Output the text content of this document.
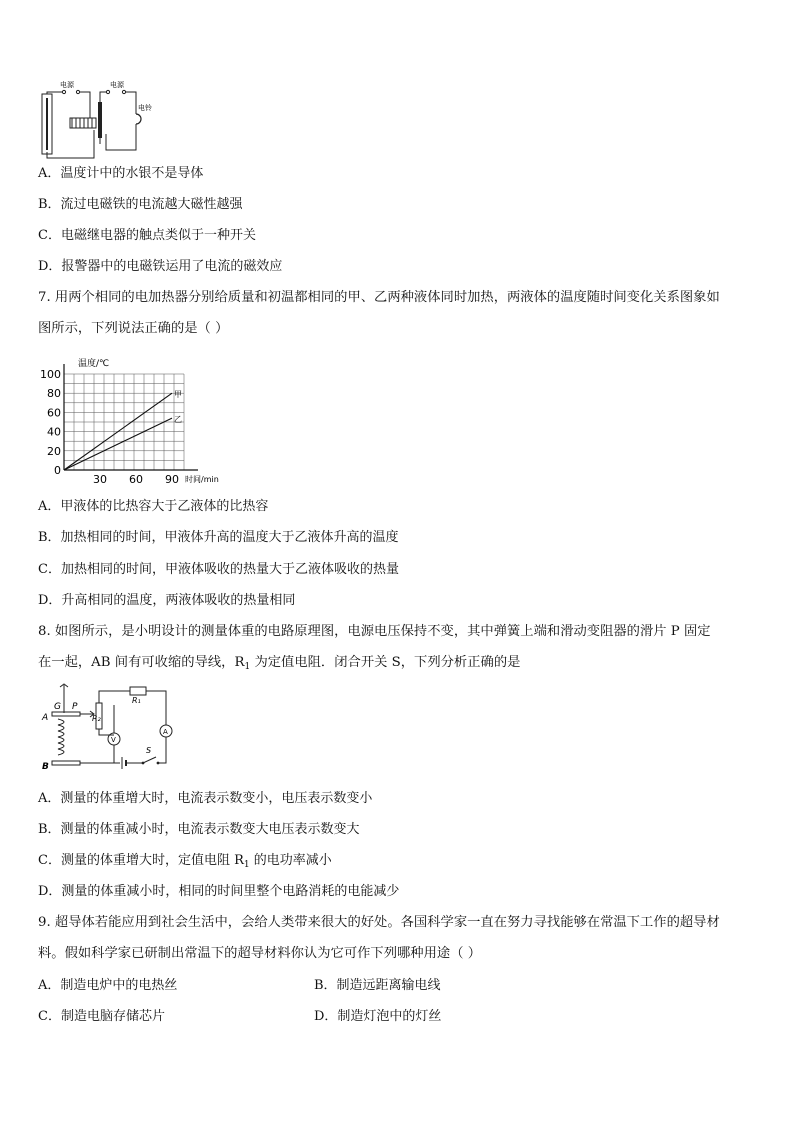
电源	电源
电铃
A．温度计中的水银不是导体
B．流过电磁铁的电流越大磁性越强
C．电磁继电器的触点类似于一种开关
D．报警器中的电磁铁运用了电流的磁效应
7. 用两个相同的电加热器分别给质量和初温都相同的甲、乙两种液体同时加热，两液体的温度随时间变化关系图象如
图所示，下列说法正确的是（ ）
0
20
40
60
80
100
30 60 90
温度/℃
时间/min
甲
乙
A．甲液体的比热容大于乙液体的比热容
B．加热相同的时间，甲液体升高的温度大于乙液体升高的温度
C．加热相同的时间，甲液体吸收的热量大于乙液体吸收的热量
D．升高相同的温度，两液体吸收的热量相同
8. 如图所示，是小明设计的测量体重的电路原理图，电源电压保持不变，其中弹簧上端和滑动变阻器的滑片 P 固定
在一起，AB 间有可收缩的导线，$R_1$ 为定值电阻．闭合开关 S，下列分析正确的是
G P
A
B
R₂
R₁
S
V
A
A．测量的体重增大时，电流表示数变小，电压表示数变小
B．测量的体重减小时，电流表示数变大电压表示数变大
C．测量的体重增大时，定值电阻 $R_1$ 的电功率减小
D．测量的体重减小时，相同的时间里整个电路消耗的电能减少
9. 超导体若能应用到社会生活中，会给人类带来很大的好处。各国科学家一直在努力寻找能够在常温下工作的超导材
料。假如科学家已研制出常温下的超导材料你认为它可作下列哪种用途（ ）
A．制造电炉中的电热丝	B．制造远距离输电线
C．制造电脑存储芯片	D．制造灯泡中的灯丝
